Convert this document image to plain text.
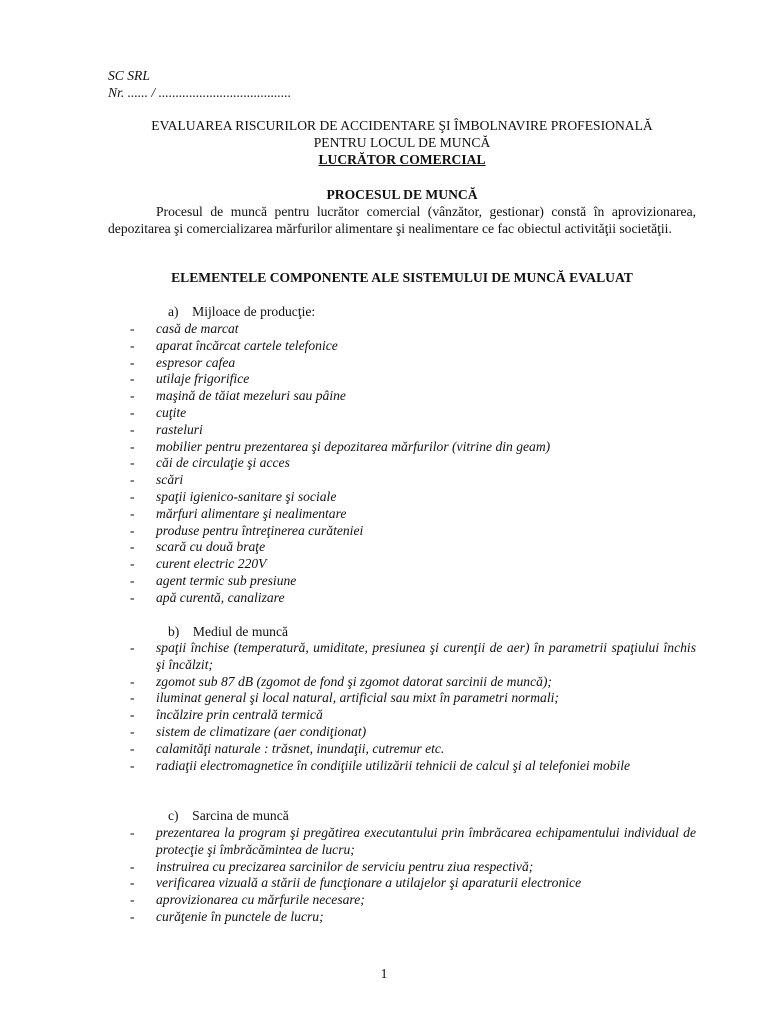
SC SRL
Nr. ...... / .......................................
EVALUAREA RISCURILOR DE ACCIDENTARE ŞI ÎMBOLNAVIRE PROFESIONALĂ
PENTRU LOCUL DE MUNCĂ
LUCRĂTOR COMERCIAL
PROCESUL DE MUNCĂ
Procesul de muncă pentru lucrător comercial (vânzător, gestionar) constă în aprovizionarea, depozitarea şi comercializarea mărfurilor alimentare şi nealimentare ce fac obiectul activităţii societăţii.
ELEMENTELE COMPONENTE ALE SISTEMULUI DE MUNCĂ EVALUAT
a)    Mijloace de producţie:
- casă de marcat
- aparat încărcat cartele telefonice
- espresor cafea
- utilaje frigorifice
- maşină de tăiat mezeluri sau pâine
- cuţite
- rasteluri
- mobilier pentru prezentarea şi depozitarea mărfurilor (vitrine din geam)
- căi de circulaţie şi acces
- scări
- spaţii igienico-sanitare şi sociale
- mărfuri alimentare şi nealimentare
- produse pentru întreţinerea curăteniei
- scară cu două braţe
- curent electric 220V
- agent termic sub presiune
- apă curentă, canalizare
b)    Mediul de muncă
- spaţii închise (temperatură, umiditate, presiunea şi curenţii de aer) în parametrii spaţiului închis şi încălzit;
- zgomot sub 87 dB (zgomot de fond şi zgomot datorat sarcinii de muncă);
- iluminat general şi local natural, artificial sau mixt în parametri normali;
- încălzire prin centrală termică
- sistem de climatizare (aer condiţionat)
- calamităţi naturale : trăsnet, inundaţii, cutremur etc.
- radiaţii electromagnetice în condiţiile utilizării tehnicii de calcul şi al telefoniei mobile
c)    Sarcina de muncă
- prezentarea la program şi pregătirea executantului prin îmbrăcarea echipamentului individual de protecţie şi îmbrăcămintea de lucru;
- instruirea cu precizarea sarcinilor de serviciu pentru ziua respectivă;
- verificarea vizuală a stării de funcţionare a utilajelor şi aparaturii electronice
- aprovizionarea cu mărfurile necesare;
- curăţenie în punctele de lucru;
1
